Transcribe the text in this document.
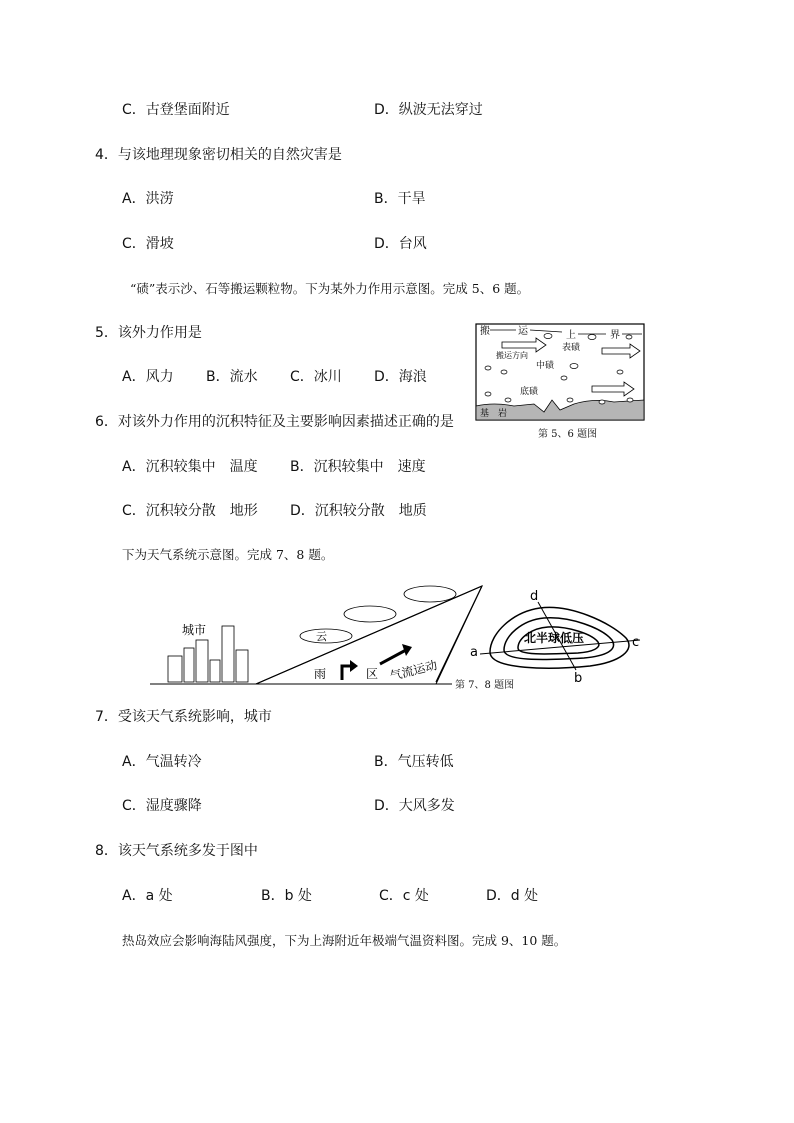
C．古登堡面附近	D．纵波无法穿过
4．与该地理现象密切相关的自然灾害是
A．洪涝	B．干旱
C．滑坡	D．台风
“碛”表示沙、石等搬运颗粒物。下为某外力作用示意图。完成 5、6 题。
5．该外力作用是
A．风力 B．流水 C．冰川 D．海浪
6．对该外力作用的沉积特征及主要影响因素描述正确的是
A．沉积较集中　温度 B．沉积较集中　速度
C．沉积较分散　地形 D．沉积较分散　地质
搬	运	上	界
表碛
搬运方向
中碛
底碛
基　岩
第 5、6 题图
下为天气系统示意图。完成 7、8 题。
云
城市
雨	区 气流运动
北半球低压
a
b
c
d
第 7、8 题图
7．受该天气系统影响，城市
A．气温转冷	B．气压转低
C．湿度骤降	D．大风多发
8．该天气系统多发于图中
A．a 处	B．b 处	C．c 处	D．d 处
热岛效应会影响海陆风强度，下为上海附近年极端气温资料图。完成 9、10 题。
